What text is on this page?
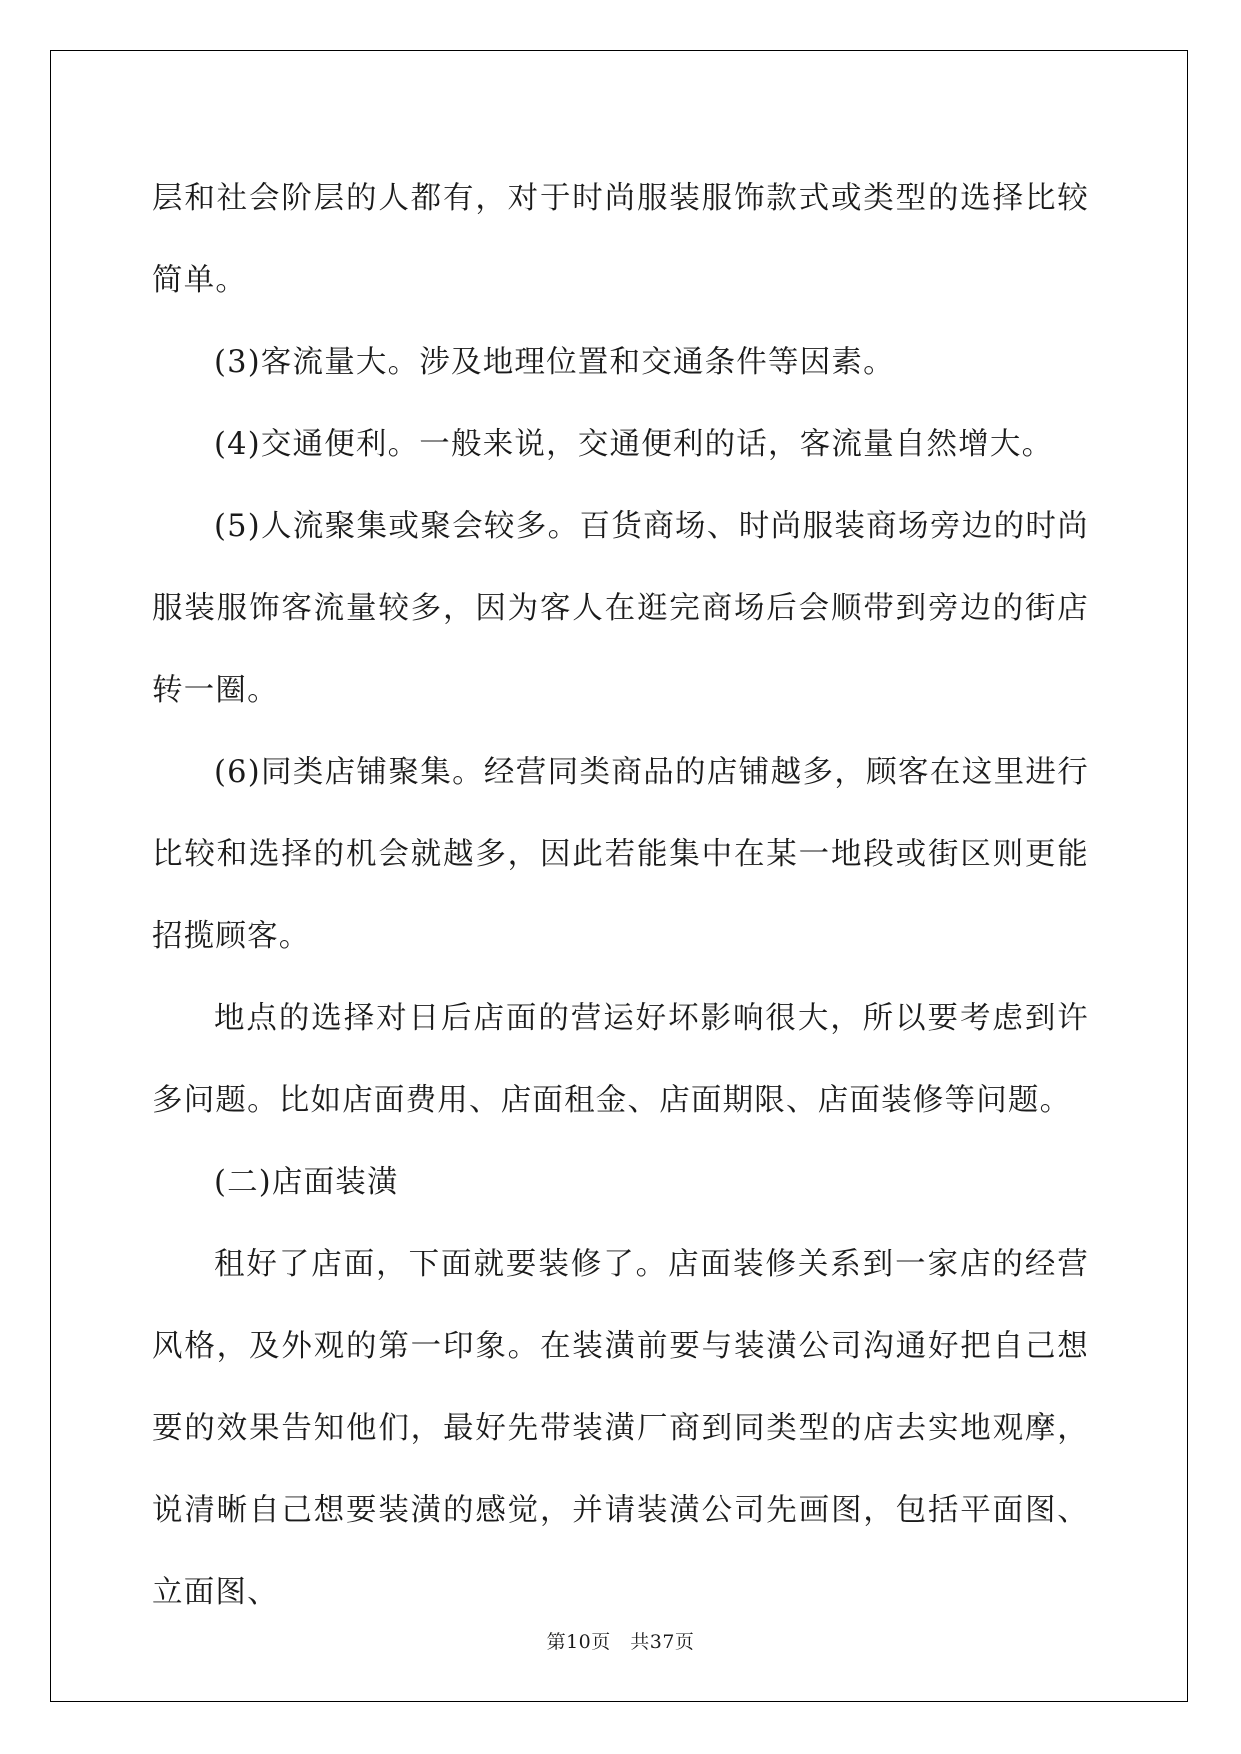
层和社会阶层的人都有，对于时尚服装服饰款式或类型的选择比较简单。

(3)客流量大。涉及地理位置和交通条件等因素。

(4)交通便利。一般来说，交通便利的话，客流量自然增大。

(5)人流聚集或聚会较多。百货商场、时尚服装商场旁边的时尚服装服饰客流量较多，因为客人在逛完商场后会顺带到旁边的街店转一圈。

(6)同类店铺聚集。经营同类商品的店铺越多，顾客在这里进行比较和选择的机会就越多，因此若能集中在某一地段或街区则更能招揽顾客。

地点的选择对日后店面的营运好坏影响很大，所以要考虑到许多问题。比如店面费用、店面租金、店面期限、店面装修等问题。

(二)店面装潢

租好了店面，下面就要装修了。店面装修关系到一家店的经营风格，及外观的第一印象。在装潢前要与装潢公司沟通好把自己想要的效果告知他们，最好先带装潢厂商到同类型的店去实地观摩，说清晰自己想要装潢的感觉，并请装潢公司先画图，包括平面图、立面图、

第10页　共37页
